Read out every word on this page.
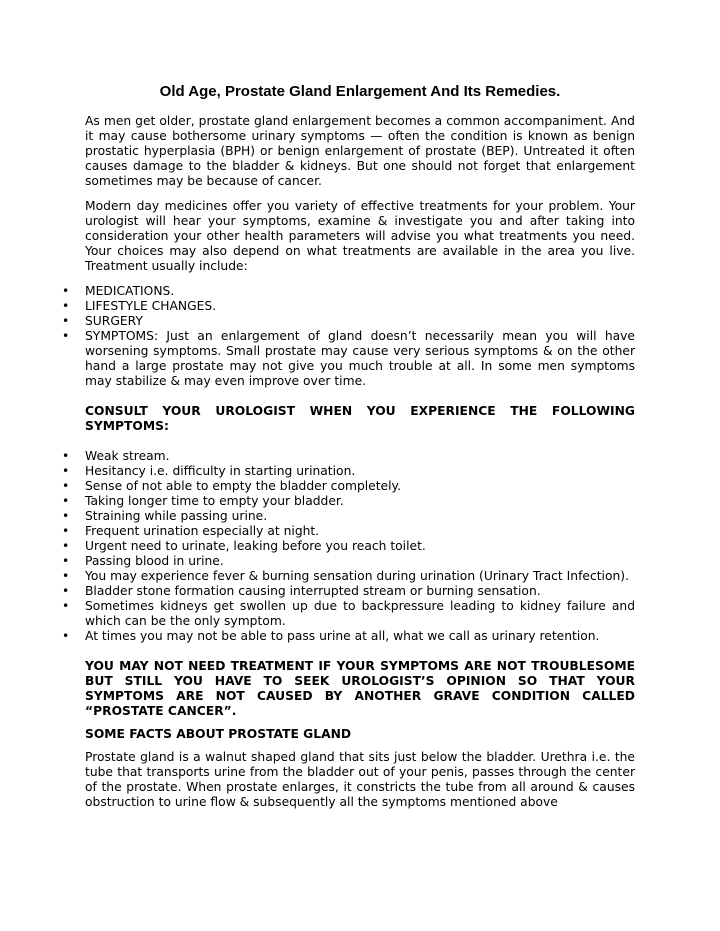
Old Age, Prostate Gland Enlargement And Its Remedies.

As men get older, prostate gland enlargement becomes a common accompaniment. And it may cause bothersome urinary symptoms — often the condition is known as benign prostatic hyperplasia (BPH) or benign enlargement of prostate (BEP). Untreated it often causes damage to the bladder & kidneys. But one should not forget that enlargement sometimes may be because of cancer.

Modern day medicines offer you variety of effective treatments for your problem. Your urologist will hear your symptoms, examine & investigate you and after taking into consideration your other health parameters will advise you what treatments you need. Your choices may also depend on what treatments are available in the area you live. Treatment usually include:

• MEDICATIONS.
• LIFESTYLE CHANGES.
• SURGERY
• SYMPTOMS: Just an enlargement of gland doesn’t necessarily mean you will have worsening symptoms. Small prostate may cause very serious symptoms & on the other hand a large prostate may not give you much trouble at all. In some men symptoms may stabilize & may even improve over time.
CONSULT YOUR UROLOGIST WHEN YOU EXPERIENCE THE FOLLOWING SYMPTOMS:
• Weak stream.
• Hesitancy i.e. difficulty in starting urination.
• Sense of not able to empty the bladder completely.
• Taking longer time to empty your bladder.
• Straining while passing urine.
• Frequent urination especially at night.
• Urgent need to urinate, leaking before you reach toilet.
• Passing blood in urine.
• You may experience fever & burning sensation during urination (Urinary Tract Infection).
• Bladder stone formation causing interrupted stream or burning sensation.
• Sometimes kidneys get swollen up due to backpressure leading to kidney failure and which can be the only symptom.
• At times you may not be able to pass urine at all, what we call as urinary retention.
YOU MAY NOT NEED TREATMENT IF YOUR SYMPTOMS ARE NOT TROUBLESOME BUT STILL YOU HAVE TO SEEK UROLOGIST’S OPINION SO THAT YOUR SYMPTOMS ARE NOT CAUSED BY ANOTHER GRAVE CONDITION CALLED “PROSTATE CANCER”.
SOME FACTS ABOUT PROSTATE GLAND

Prostate gland is a walnut shaped gland that sits just below the bladder. Urethra i.e. the tube that transports urine from the bladder out of your penis, passes through the center of the prostate. When prostate enlarges, it constricts the tube from all around & causes obstruction to urine flow & subsequently all the symptoms mentioned above
